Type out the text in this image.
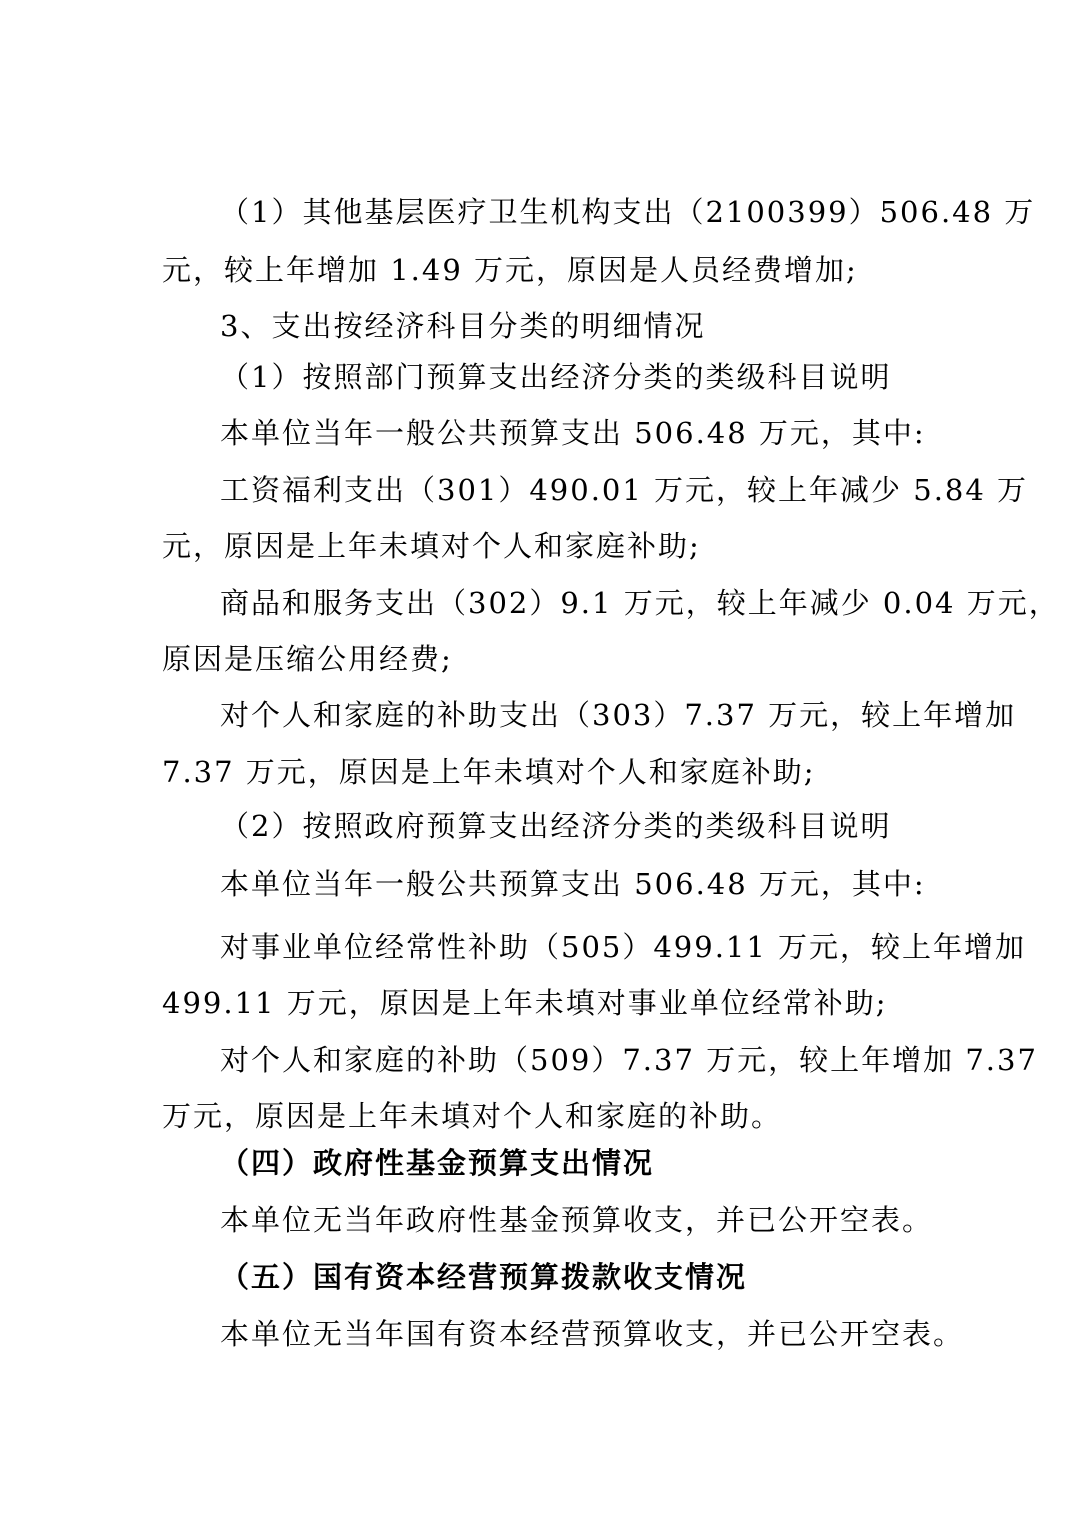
（1）其他基层医疗卫生机构支出（2100399）506.48 万
元，较上年增加 1.49 万元，原因是人员经费增加;
3、支出按经济科目分类的明细情况
（1）按照部门预算支出经济分类的类级科目说明
本单位当年一般公共预算支出 506.48 万元，其中:
工资福利支出（301）490.01 万元，较上年减少 5.84 万
元，原因是上年未填对个人和家庭补助;
商品和服务支出（302）9.1 万元，较上年减少 0.04 万元，
原因是压缩公用经费;
对个人和家庭的补助支出（303）7.37 万元，较上年增加
7.37 万元，原因是上年未填对个人和家庭补助;
（2）按照政府预算支出经济分类的类级科目说明
本单位当年一般公共预算支出 506.48 万元，其中:
对事业单位经常性补助（505）499.11 万元，较上年增加
499.11 万元，原因是上年未填对事业单位经常补助;
对个人和家庭的补助（509）7.37 万元，较上年增加 7.37
万元，原因是上年未填对个人和家庭的补助。
（四）政府性基金预算支出情况
本单位无当年政府性基金预算收支，并已公开空表。
（五）国有资本经营预算拨款收支情况
本单位无当年国有资本经营预算收支，并已公开空表。
